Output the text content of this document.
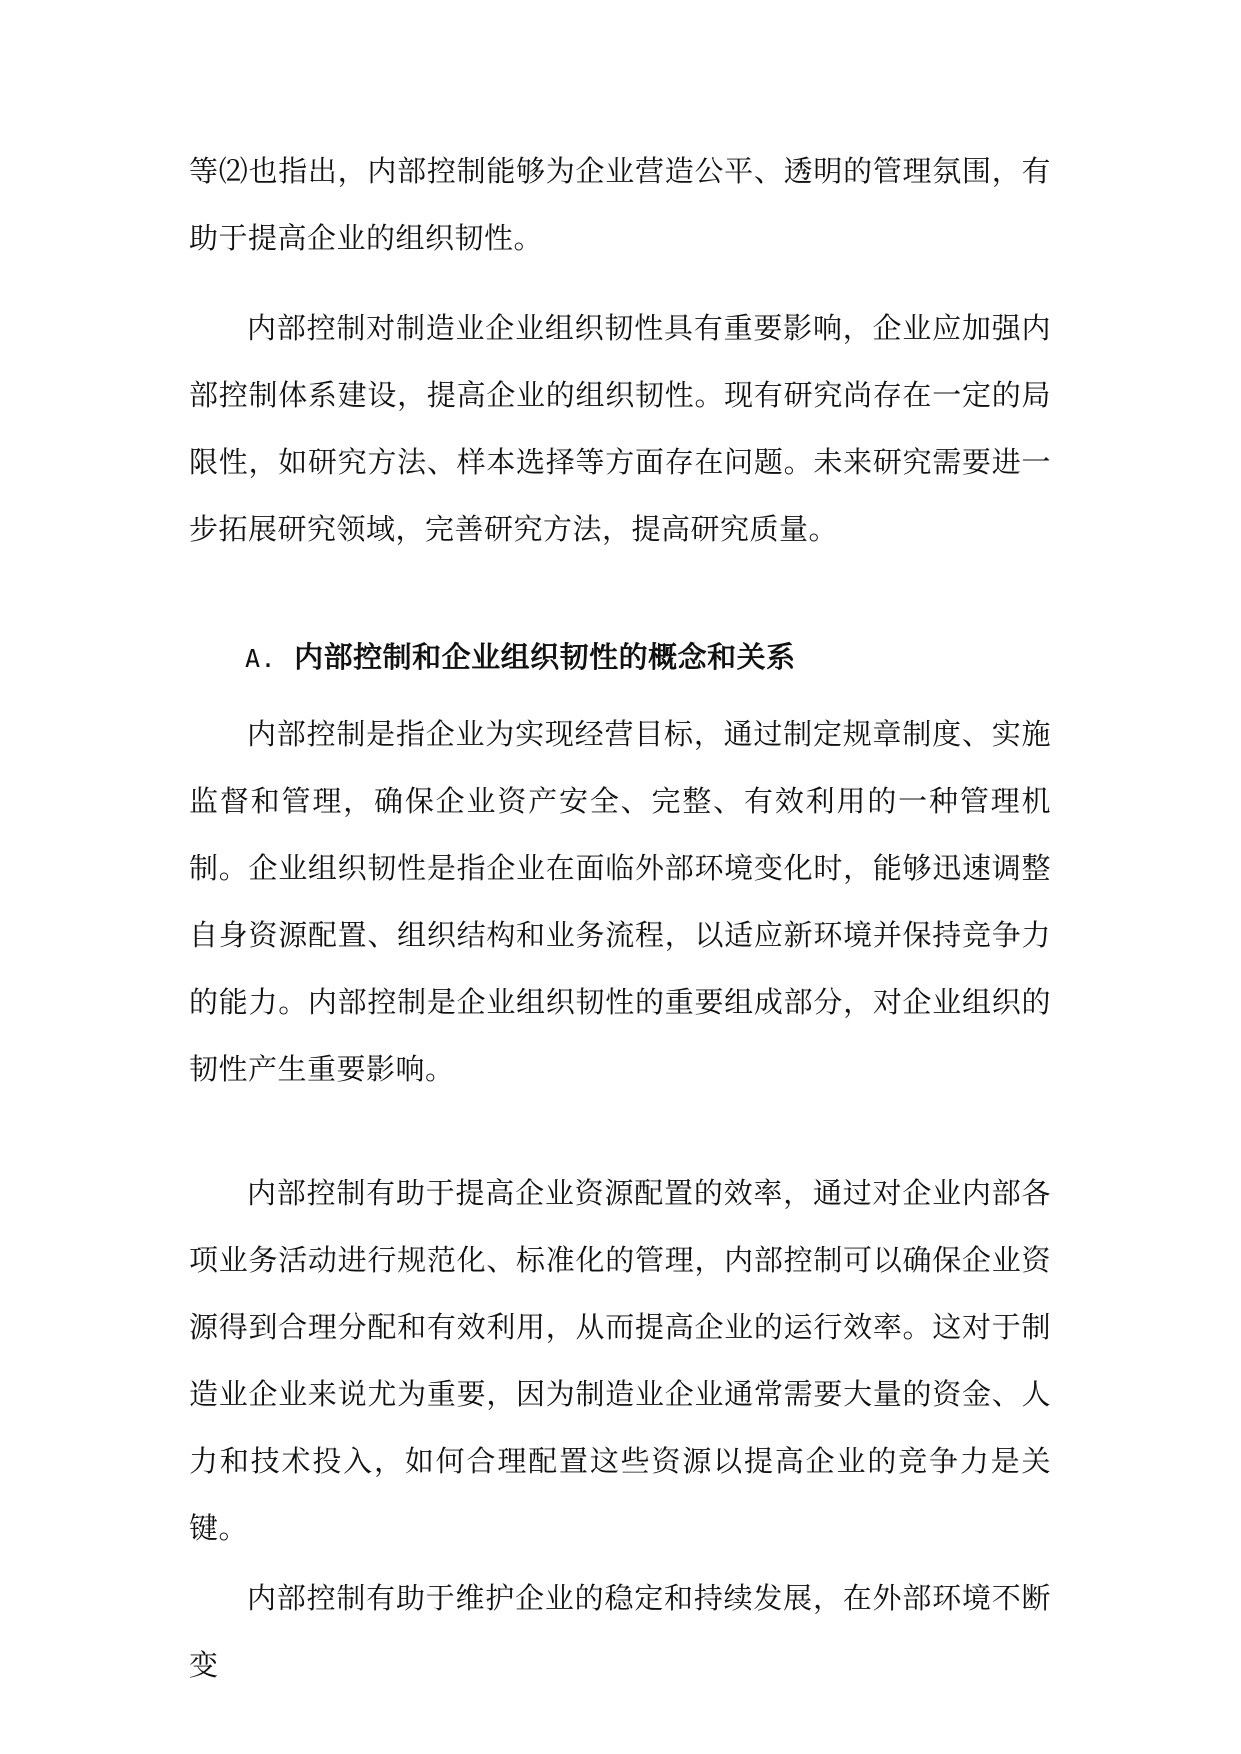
等⑵也指出，内部控制能够为企业营造公平、透明的管理氛围，有助于提高企业的组织韧性。

内部控制对制造业企业组织韧性具有重要影响，企业应加强内部控制体系建设，提高企业的组织韧性。现有研究尚存在一定的局限性，如研究方法、样本选择等方面存在问题。未来研究需要进一步拓展研究领域，完善研究方法，提高研究质量。

A. 内部控制和企业组织韧性的概念和关系

内部控制是指企业为实现经营目标，通过制定规章制度、实施监督和管理，确保企业资产安全、完整、有效利用的一种管理机制。企业组织韧性是指企业在面临外部环境变化时，能够迅速调整自身资源配置、组织结构和业务流程，以适应新环境并保持竞争力的能力。内部控制是企业组织韧性的重要组成部分，对企业组织的韧性产生重要影响。

内部控制有助于提高企业资源配置的效率，通过对企业内部各项业务活动进行规范化、标准化的管理，内部控制可以确保企业资源得到合理分配和有效利用，从而提高企业的运行效率。这对于制造业企业来说尤为重要，因为制造业企业通常需要大量的资金、人力和技术投入，如何合理配置这些资源以提高企业的竞争力是关键。

内部控制有助于维护企业的稳定和持续发展，在外部环境不断变
